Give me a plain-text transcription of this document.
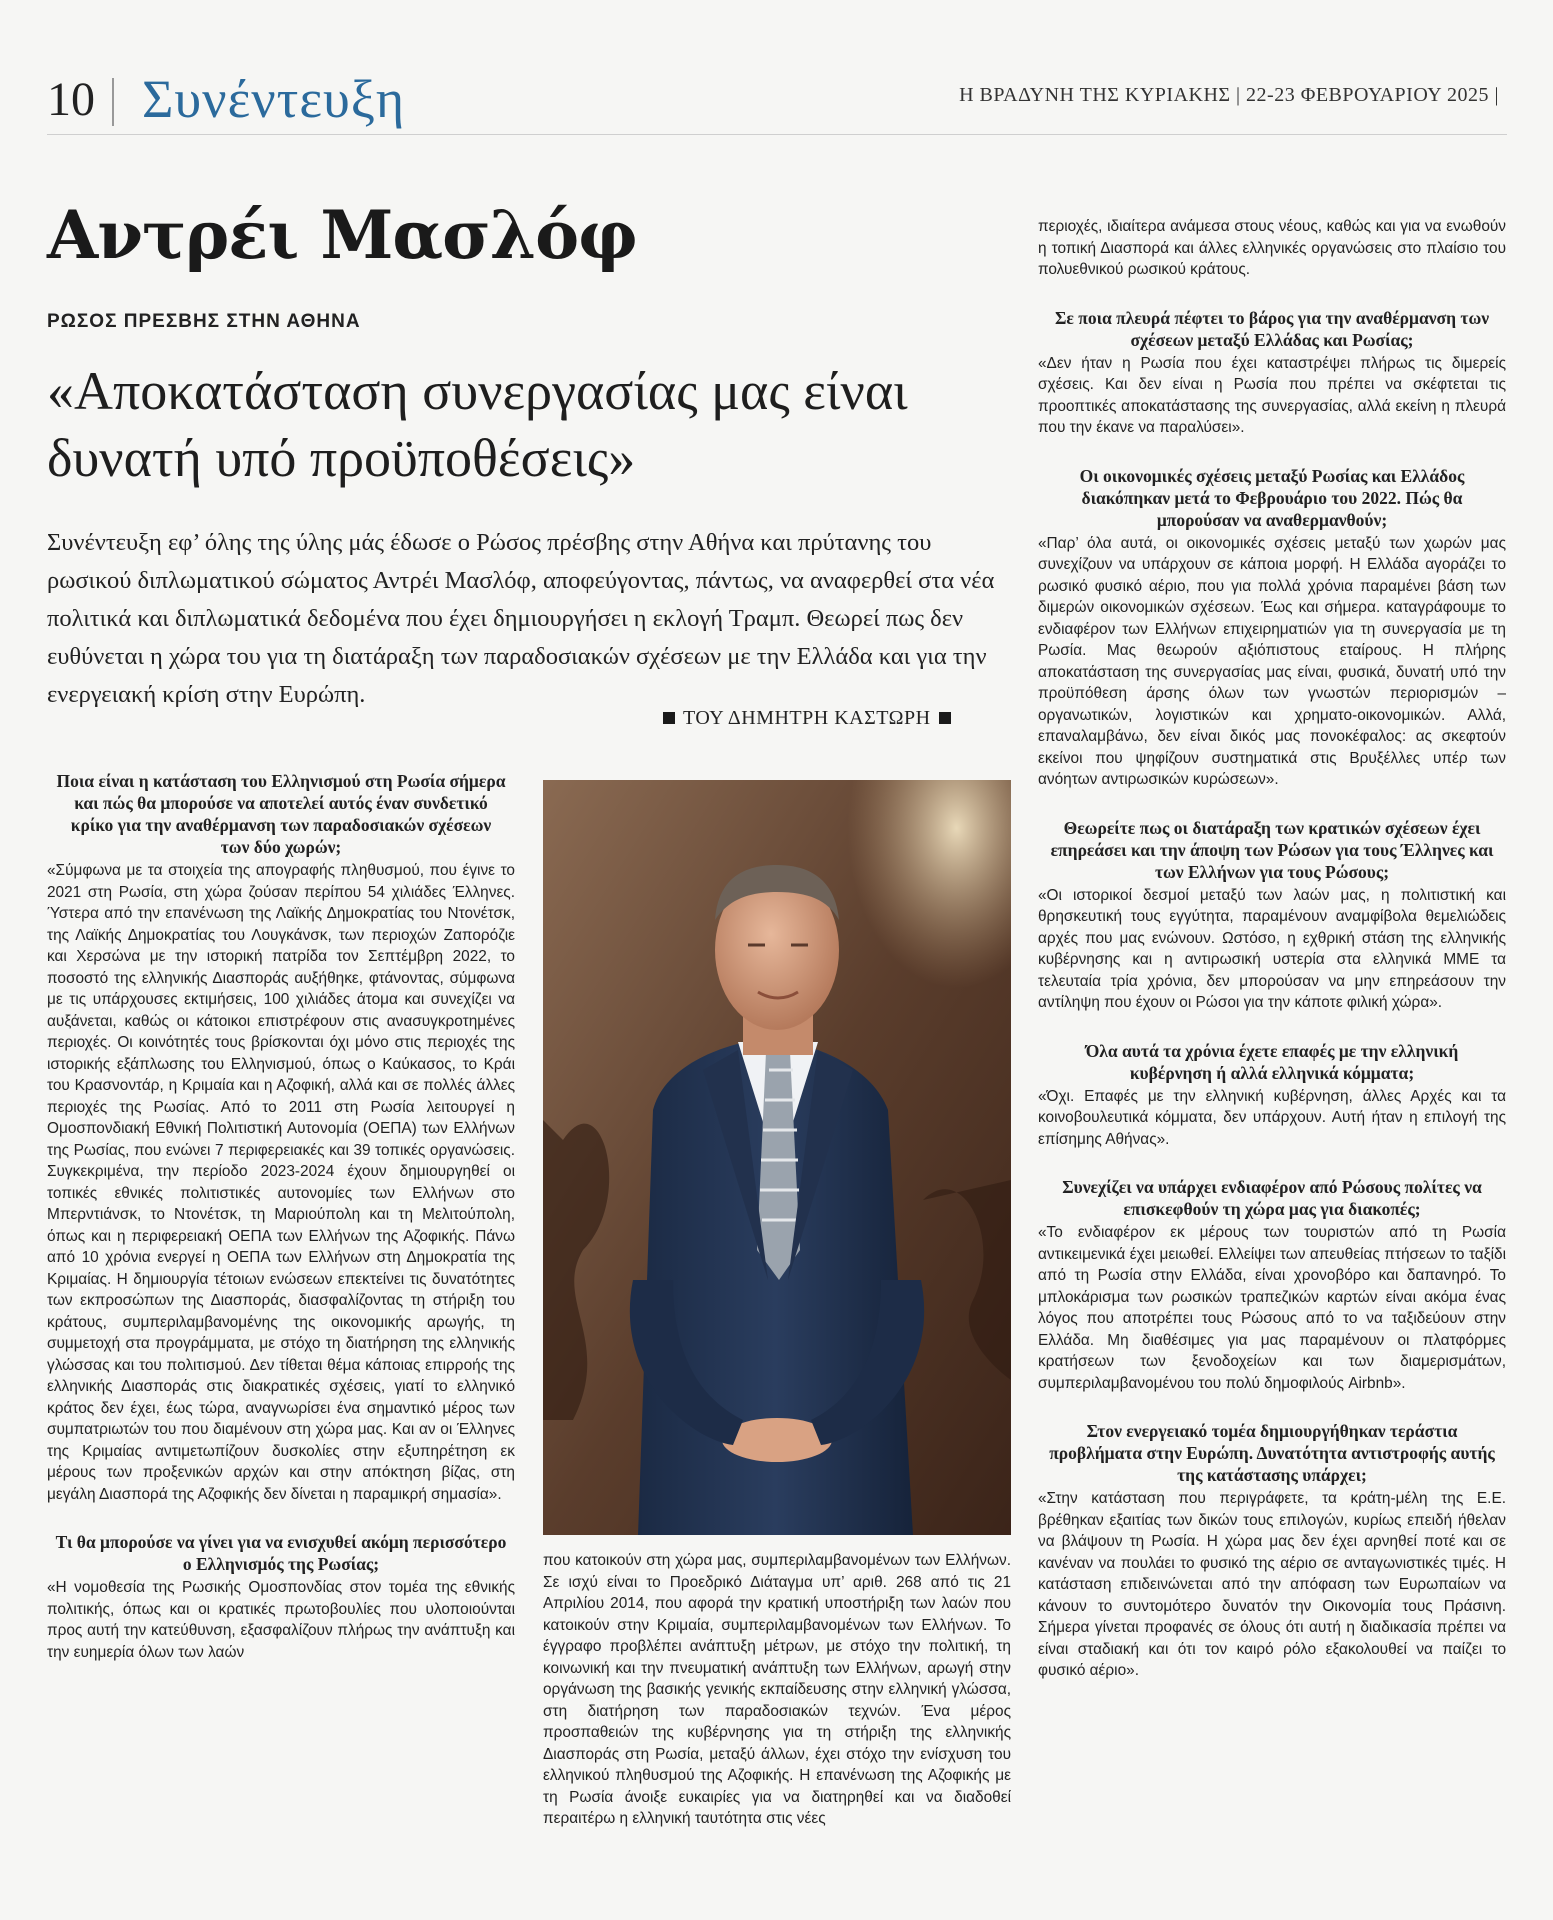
10 Συνέντευξη	Η ΒΡΑΔΥΝΗ ΤΗΣ ΚΥΡΙΑΚΗΣ | 22-23 ΦΕΒΡΟΥΑΡΙΟΥ 2025 |
Αντρέι Μασλόφ
ΡΩΣΟΣ ΠΡΕΣΒΗΣ ΣΤΗΝ ΑΘΗΝΑ
«Αποκατάσταση συνεργασίας μας είναι δυνατή υπό προϋποθέσεις»
Συνέντευξη εφ’ όλης της ύλης μάς έδωσε ο Ρώσος πρέσβης στην Αθήνα και πρύτανης του ρωσικού διπλωματικού σώματος Αντρέι Μασλόφ, αποφεύγοντας, πάντως, να αναφερθεί στα νέα πολιτικά και διπλωματικά δεδομένα που έχει δημιουργήσει η εκλογή Τραμπ. Θεωρεί πως δεν ευθύνεται η χώρα του για τη διατάραξη των παραδοσιακών σχέσεων με την Ελλάδα και για την ενεργειακή κρίση στην Ευρώπη.
ΤΟΥ ΔΗΜΗΤΡΗ ΚΑΣΤΩΡΗ

Ποια είναι η κατάσταση του Ελληνισμού στη Ρωσία σήμερα και πώς θα μπορούσε να αποτελεί αυτός έναν συνδετικό κρίκο για την αναθέρμανση των παραδοσιακών σχέσεων των δύο χωρών;

«Σύμφωνα με τα στοιχεία της απογραφής πληθυσμού, που έγινε το 2021 στη Ρωσία, στη χώρα ζούσαν περίπου 54 χιλιάδες Έλληνες. Ύστερα από την επανένωση της Λαϊκής Δημοκρατίας του Ντονέτσκ, της Λαϊκής Δημοκρατίας του Λουγκάνσκ, των περιοχών Ζαπορόζιε και Χερσώνα με την ιστορική πατρίδα τον Σεπτέμβρη 2022, το ποσοστό της ελληνικής Διασποράς αυξήθηκε, φτάνοντας, σύμφωνα με τις υπάρχουσες εκτιμήσεις, 100 χιλιάδες άτομα και συνεχίζει να αυξάνεται, καθώς οι κάτοικοι επιστρέφουν στις ανασυγκροτημένες περιοχές. Οι κοινότητές τους βρίσκονται όχι μόνο στις περιοχές της ιστορικής εξάπλωσης του Ελληνισμού, όπως ο Καύκασος, το Κράι του Κρασνοντάρ, η Κριμαία και η Αζοφική, αλλά και σε πολλές άλλες περιοχές της Ρωσίας. Από το 2011 στη Ρωσία λειτουργεί η Ομοσπονδιακή Εθνική Πολιτιστική Αυτονομία (ΟΕΠΑ) των Ελλήνων της Ρωσίας, που ενώνει 7 περιφερειακές και 39 τοπικές οργανώσεις. Συγκεκριμένα, την περίοδο 2023-2024 έχουν δημιουργηθεί οι τοπικές εθνικές πολιτιστικές αυτονομίες των Ελλήνων στο Μπερντιάνσκ, το Ντονέτσκ, τη Μαριούπολη και τη Μελιτούπολη, όπως και η περιφερειακή ΟΕΠΑ των Ελλήνων της Αζοφικής. Πάνω από 10 χρόνια ενεργεί η ΟΕΠΑ των Ελλήνων στη Δημοκρατία της Κριμαίας. Η δημιουργία τέτοιων ενώσεων επεκτείνει τις δυνατότητες των εκπροσώπων της Διασποράς, διασφαλίζοντας τη στήριξη του κράτους, συμπεριλαμβανομένης της οικονομικής αρωγής, τη συμμετοχή στα προγράμματα, με στόχο τη διατήρηση της ελληνικής γλώσσας και του πολιτισμού. Δεν τίθεται θέμα κάποιας επιρροής της ελληνικής Διασποράς στις διακρατικές σχέσεις, γιατί το ελληνικό κράτος δεν έχει, έως τώρα, αναγνωρίσει ένα σημαντικό μέρος των συμπατριωτών του που διαμένουν στη χώρα μας. Και αν οι Έλληνες της Κριμαίας αντιμετωπίζουν δυσκολίες στην εξυπηρέτηση εκ μέρους των προξενικών αρχών και στην απόκτηση βίζας, στη μεγάλη Διασπορά της Αζοφικής δεν δίνεται η παραμικρή σημασία».

Τι θα μπορούσε να γίνει για να ενισχυθεί ακόμη περισσότερο ο Ελληνισμός της Ρωσίας;

«Η νομοθεσία της Ρωσικής Ομοσπονδίας στον τομέα της εθνικής πολιτικής, όπως και οι κρατικές πρωτοβουλίες που υλοποιούνται προς αυτή την κατεύθυνση, εξασφαλίζουν πλήρως την ανάπτυξη και την ευημερία όλων των λαών

που κατοικούν στη χώρα μας, συμπεριλαμβανομένων των Ελλήνων. Σε ισχύ είναι το Προεδρικό Διάταγμα υπ’ αριθ. 268 από τις 21 Απριλίου 2014, που αφορά την κρατική υποστήριξη των λαών που κατοικούν στην Κριμαία, συμπεριλαμβανομένων των Ελλήνων. Το έγγραφο προβλέπει ανάπτυξη μέτρων, με στόχο την πολιτική, τη κοινωνική και την πνευματική ανάπτυξη των Ελλήνων, αρωγή στην οργάνωση της βασικής γενικής εκπαίδευσης στην ελληνική γλώσσα, στη διατήρηση των παραδοσιακών τεχνών. Ένα μέρος προσπαθειών της κυβέρνησης για τη στήριξη της ελληνικής Διασποράς στη Ρωσία, μεταξύ άλλων, έχει στόχο την ενίσχυση του ελληνικού πληθυσμού της Αζοφικής. Η επανένωση της Αζοφικής με τη Ρωσία άνοιξε ευκαιρίες για να διατηρηθεί και να διαδοθεί περαιτέρω η ελληνική ταυτότητα στις νέες

περιοχές, ιδιαίτερα ανάμεσα στους νέους, καθώς και για να ενωθούν η τοπική Διασπορά και άλλες ελληνικές οργανώσεις στο πλαίσιο του πολυεθνικού ρωσικού κράτους.

Σε ποια πλευρά πέφτει το βάρος για την αναθέρμανση των σχέσεων μεταξύ Ελλάδας και Ρωσίας;

«Δεν ήταν η Ρωσία που έχει καταστρέψει πλήρως τις διμερείς σχέσεις. Και δεν είναι η Ρωσία που πρέπει να σκέφτεται τις προοπτικές αποκατάστασης της συνεργασίας, αλλά εκείνη η πλευρά που την έκανε να παραλύσει».

Οι οικονομικές σχέσεις μεταξύ Ρωσίας και Ελλάδος διακόπηκαν μετά το Φεβρουάριο του 2022. Πώς θα μπορούσαν να αναθερμανθούν;

«Παρ’ όλα αυτά, οι οικονομικές σχέσεις μεταξύ των χωρών μας συνεχίζουν να υπάρχουν σε κάποια μορφή. Η Ελλάδα αγοράζει το ρωσικό φυσικό αέριο, που για πολλά χρόνια παραμένει βάση των διμερών οικονομικών σχέσεων. Έως και σήμερα. καταγράφουμε το ενδιαφέρον των Ελλήνων επιχειρηματιών για τη συνεργασία με τη Ρωσία. Μας θεωρούν αξιόπιστους εταίρους. Η πλήρης αποκατάσταση της συνεργασίας μας είναι, φυσικά, δυνατή υπό την προϋπόθεση άρσης όλων των γνωστών περιορισμών – οργανωτικών, λογιστικών και χρηματο-οικονομικών. Αλλά, επαναλαμβάνω, δεν είναι δικός μας πονοκέφαλος: ας σκεφτούν εκείνοι που ψηφίζουν συστηματικά στις Βρυξέλλες υπέρ των ανόητων αντιρωσικών κυρώσεων».

Θεωρείτε πως οι διατάραξη των κρατικών σχέσεων έχει επηρεάσει και την άποψη των Ρώσων για τους Έλληνες και των Ελλήνων για τους Ρώσους;

«Οι ιστορικοί δεσμοί μεταξύ των λαών μας, η πολιτιστική και θρησκευτική τους εγγύτητα, παραμένουν αναμφίβολα θεμελιώδεις αρχές που μας ενώνουν. Ωστόσο, η εχθρική στάση της ελληνικής κυβέρνησης και η αντιρωσική υστερία στα ελληνικά ΜΜΕ τα τελευταία τρία χρόνια, δεν μπορούσαν να μην επηρεάσουν την αντίληψη που έχουν οι Ρώσοι για την κάποτε φιλική χώρα».

Όλα αυτά τα χρόνια έχετε επαφές με την ελληνική κυβέρνηση ή αλλά ελληνικά κόμματα;

«Όχι. Επαφές με την ελληνική κυβέρνηση, άλλες Αρχές και τα κοινοβουλευτικά κόμματα, δεν υπάρχουν. Αυτή ήταν η επιλογή της επίσημης Αθήνας».

Συνεχίζει να υπάρχει ενδιαφέρον από Ρώσους πολίτες να επισκεφθούν τη χώρα μας για διακοπές;

«Το ενδιαφέρον εκ μέρους των τουριστών από τη Ρωσία αντικειμενικά έχει μειωθεί. Ελλείψει των απευθείας πτήσεων το ταξίδι από τη Ρωσία στην Ελλάδα, είναι χρονοβόρο και δαπανηρό. Το μπλοκάρισμα των ρωσικών τραπεζικών καρτών είναι ακόμα ένας λόγος που αποτρέπει τους Ρώσους από το να ταξιδεύουν στην Ελλάδα. Μη διαθέσιμες για μας παραμένουν οι πλατφόρμες κρατήσεων των ξενοδοχείων και των διαμερισμάτων, συμπεριλαμβανομένου του πολύ δημοφιλούς Airbnb».

Στον ενεργειακό τομέα δημιουργήθηκαν τεράστια προβλήματα στην Ευρώπη. Δυνατότητα αντιστροφής αυτής της κατάστασης υπάρχει;

«Στην κατάσταση που περιγράφετε, τα κράτη-μέλη της Ε.Ε. βρέθηκαν εξαιτίας των δικών τους επιλογών, κυρίως επειδή ήθελαν να βλάψουν τη Ρωσία. Η χώρα μας δεν έχει αρνηθεί ποτέ και σε κανέναν να πουλάει το φυσικό της αέριο σε ανταγωνιστικές τιμές. Η κατάσταση επιδεινώνεται από την απόφαση των Ευρωπαίων να κάνουν το συντομότερο δυνατόν την Οικονομία τους Πράσινη. Σήμερα γίνεται προφανές σε όλους ότι αυτή η διαδικασία πρέπει να είναι σταδιακή και ότι τον καιρό ρόλο εξακολουθεί να παίζει το φυσικό αέριο».
